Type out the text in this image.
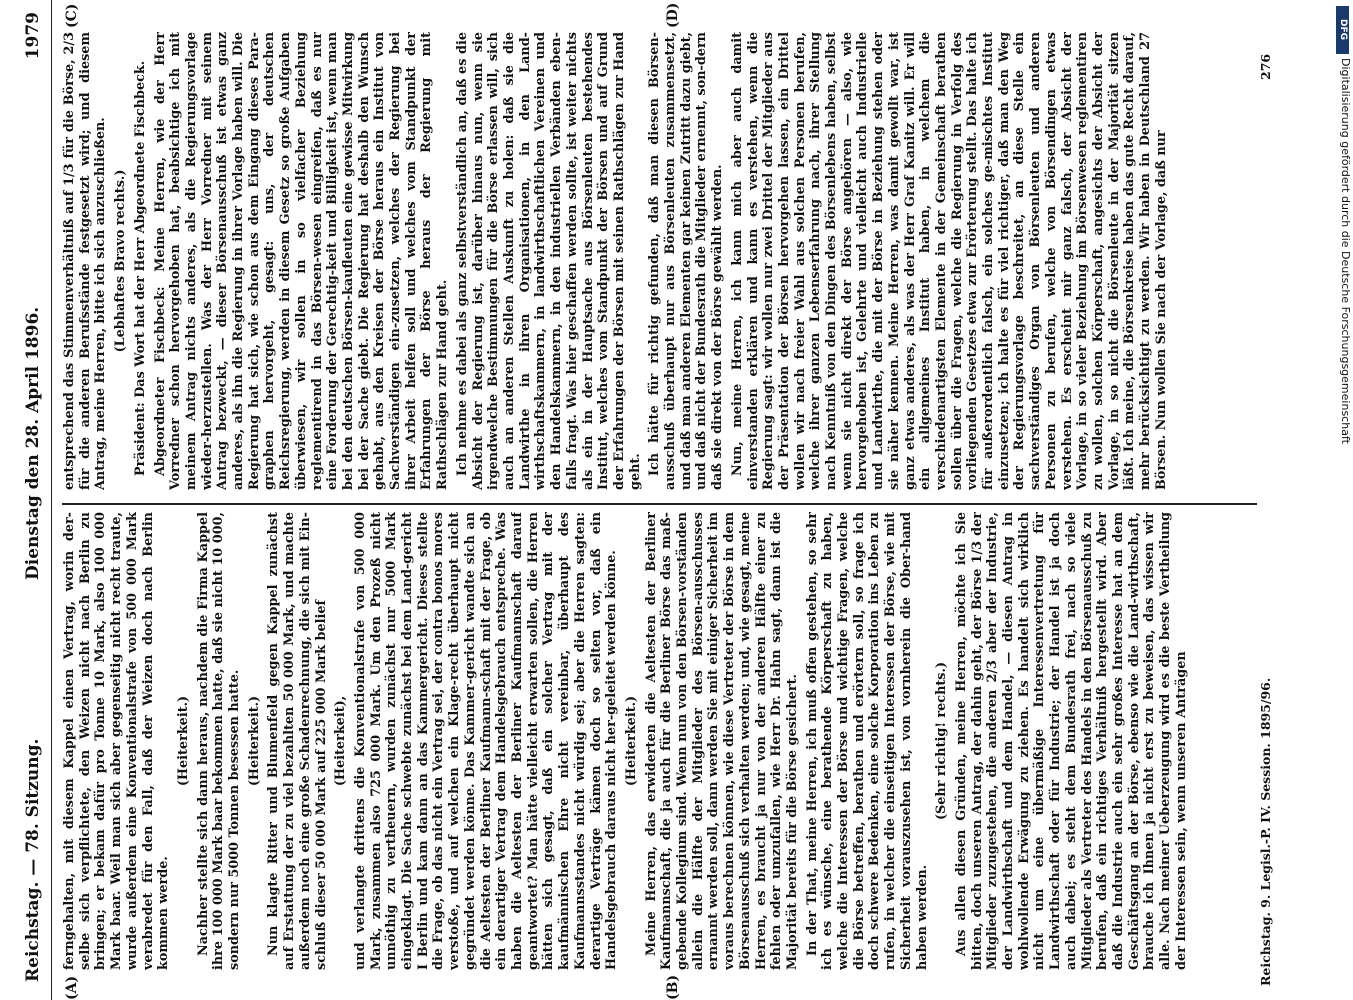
Reichstag. — 78. Sitzung.
Dienstag den 28. April 1896.
1979
(A)	(B)
(C)	(D)

ferngehalten, mit diesem Kappel einen Vertrag, worin der-selbe sich verpflichtete, den Weizen nicht nach Berlin zu bringen; er bekam dafür pro Tonne 10 Mark, also 100 000 Mark baar. Weil man sich aber gegenseitig nicht recht traute, wurde außerdem eine Konventionalstrafe von 500 000 Mark verabredet für den Fall, daß der Weizen doch nach Berlin kommen werde.

(Heiterkeit.) Nachher stellte sich dann heraus, nachdem die Firma Kappel ihre 100 000 Mark baar bekommen hatte, daß sie nicht 10 000, sondern nur 5000 Tonnen besessen hatte. (Heiterkeit.) Nun klagte Ritter und Blumenfeld gegen Kappel zunächst auf Erstattung der zu viel bezahlten 50 000 Mark, und machte außerdem noch eine große Schadenrechnung, die sich mit Ein-schluß dieser 50 000 Mark auf 225 000 Mark belief (Heiterkeit), und verlangte drittens die Konventionalstrafe von 500 000 Mark, zusammen also 725 000 Mark. Um den Prozeß nicht unnöthig zu vertheuern, wurden zunächst nur 5000 Mark eingeklagt. Die Sache schwebte zunächst bei dem Land-gericht I Berlin und kam dann an das Kammergericht. Dieses stellte die Frage, ob das nicht ein Vertrag sei, der contra bonos mores verstoße, und auf welchen ein Klage-recht überhaupt nicht gegründet werden könne. Das Kammer-gericht wandte sich an die Aeltesten der Berliner Kaufmann-schaft mit der Frage, ob ein derartiger Vertrag dem Handelsgebrauch entspreche. Was haben die Aeltesten der Berliner Kaufmannschaft darauf geantwortet? Man hätte vielleicht erwarten sollen, die Herren hätten sich gesagt, daß ein solcher Vertrag mit der kaufmännischen Ehre nicht vereinbar, überhaupt des Kaufmannsstandes nicht würdig sei; aber die Herren sagten: derartige Verträge kämen doch so selten vor, daß ein Handelsgebrauch daraus nicht her-geleitet werden könne. (Heiterkeit.) Meine Herren, das erwiderten die Aeltesten der Berliner Kaufmannschaft, die ja auch für die Berliner Börse das maß-gebende Kollegium sind. Wenn nun von den Börsen-vorständen allein die Hälfte der Mitglieder des Börsen-ausschusses ernannt werden soll, dann werden Sie mit einiger Sicherheit im voraus berechnen können, wie diese Vertreter der Börse in dem Börsenausschuß sich verhalten werden; und, wie gesagt, meine Herren, es braucht ja nur von der anderen Hälfte einer zu fehlen oder umzufallen, wie Herr Dr. Hahn sagt, dann ist die Majorität bereits für die Börse gesichert. In der That, meine Herren, ich muß offen gestehen, so sehr ich es wünsche, eine berathende Körperschaft zu haben, welche die Interessen der Börse und wichtige Fragen, welche die Börse betreffen, berathen und erörtern soll, so frage ich doch schwere Bedenken, eine solche Korporation ins Leben zu rufen, in welcher die einseitigen Interessen der Börse, wie mit Sicherheit vorauszusehen ist, von vornherein die Ober-hand haben werden.

(Sehr richtig! rechts.) Aus allen diesen Gründen, meine Herren, möchte ich Sie bitten, doch unseren Antrag, der dahin geht, der Börse 1/3 der Mitglieder zuzugestehen, die anderen 2/3 aber der Industrie, der Landwirthschaft und dem Handel, — diesen Antrag in wohlwollende Erwägung zu ziehen. Es handelt sich wirklich nicht um eine übermäßige Interessenvertretung für Landwirthschaft oder für Industrie; der Handel ist ja doch auch dabei; es steht dem Bundesrath frei, nach so viele Mitglieder als Vertreter des Handels in den Börsenausschuß zu berufen, daß ein richtiges Verhältniß hergestellt wird. Aber daß die Industrie auch ein sehr großes Interesse hat an dem Geschäftsgang an der Börse, ebenso wie die Land-wirthschaft, brauche ich Ihnen ja nicht erst zu beweisen, das wissen wir alle. Nach meiner Ueberzeugung wird es die beste Vertheilung der Interessen sein, wenn unseren Anträgen

entsprechend das Stimmenverhältniß auf 1/3 für die Börse, 2/3 für die anderen Berufsstände festgesetzt wird; und diesem Antrag, meine Herren, bitte ich sich anzuschließen. (Lebhaftes Bravo rechts.) Präsident: Das Wort hat der Herr Abgeordnete Fischbeck. Abgeordneter Fischbeck: Meine Herren, wie der Herr Vorredner schon hervorgehoben hat, beabsichtige ich mit meinem Antrag nichts anderes, als die Regierungsvorlage wieder-herzustellen. Was der Herr Vorredner mit seinem Antrag bezweckt, — dieser Börsenausschuß ist etwas ganz anderes, als ihn die Regierung in ihrer Vorlage haben will. Die Regierung hat sich, wie schon aus dem Eingang dieses Para-graphen hervorgeht, gesagt: uns, der deutschen Reichsregierung, werden in diesem Gesetz so große Aufgaben überwiesen, wir sollen in so vielfacher Beziehung reglementirend in das Börsen-wesen eingreifen, daß es nur eine Forderung der Gerechtig-keit und Billigkeit ist, wenn man bei den deutschen Börsen-kaufleuten eine gewisse Mitwirkung bei der Sache giebt. Die Regierung hat deshalb den Wunsch gehabt, aus den Kreisen der Börse heraus ein Institut von Sachverständigen ein-zusetzen, welches der Regierung bei ihrer Arbeit helfen soll und welches vom Standpunkt der Erfahrungen der Börse heraus der Regierung mit Rathschlägen zur Hand geht. Ich nehme es dabei als ganz selbstverständlich an, daß es die Absicht der Regierung ist, darüber hinaus nun, wenn sie irgendwelche Bestimmungen für die Börse erlassen will, sich auch an anderen Stellen Auskunft zu holen: daß sie die Landwirthe in ihren Organisationen, in den Land-wirthschaftskammern, in landwirthschaftlichen Vereinen und den Handelskammern, in den industriellen Verbänden eben-falls fragt. Was hier geschaffen werden sollte, ist weiter nichts als ein in der Hauptsache aus Börsenleuten bestehendes Institut, welches vom Standpunkt der Börsen und auf Grund der Erfahrungen der Börsen mit seinen Rathschlägen zur Hand geht. Ich hätte für richtig gefunden, daß man diesen Börsen-ausschuß überhaupt nur aus Börsenleuten zusammensetzt, und daß man anderen Elementen gar keinen Zutritt dazu giebt, und daß nicht der Bundesrath die Mitglieder ernennt, son-dern daß sie direkt von der Börse gewählt werden. Nun, meine Herren, ich kann mich aber auch damit einverstanden erklären und kann es verstehen, wenn die Regierung sagt: wir wollen nur zwei Drittel der Mitglieder aus der Präsentation der Börsen hervorgehen lassen, ein Drittel wollen wir nach freier Wahl aus solchen Personen berufen, welche ihrer ganzen Lebenserfahrung nach, ihrer Stellung nach Kenntniß von den Dingen des Börsenlebens haben, selbst wenn sie nicht direkt der Börse angehören — also, wie hervorgehoben ist, Gelehrte und vielleicht auch Industrielle und Landwirthe, die mit der Börse in Beziehung stehen oder sie näher kennen. Meine Herren, was damit gewollt war, ist ganz etwas anderes, als was der Herr Graf Kanitz will. Er will ein allgemeines Institut haben, in welchem die verschiedenartigsten Elemente in der Gemeinschaft berathen sollen über die Fragen, welche die Regierung in Verfolg des vorliegenden Gesetzes etwa zur Erörterung stellt. Das halte ich für außerordentlich falsch, ein solches ge-mischtes Institut einzusetzen; ich halte es für viel richtiger, daß man den Weg der Regierungsvorlage beschreitet, an diese Stelle ein sachverständiges Organ von Börsenleuten und anderen Personen zu berufen, welche von Börsendingen etwas verstehen. Es erscheint mir ganz falsch, der Absicht der Vorlage, in so vieler Beziehung im Börsenwesen reglementiren zu wollen, solchen Körperschaft, angesichts der Absicht der Vorlage, in so nicht die Börsenleute in der Majorität sitzen läßt. Ich meine, die Börsenkreise haben das gute Recht darauf, mehr berücksichtigt zu werden. Wir haben in Deutschland 27 Börsen. Nun wollen Sie nach der Vorlage, daß nur

Reichstag. 9. Legisl.-P. IV. Session. 1895/96.
276
DFG
Digitalisierung gefördert durch die Deutsche Forschungsgemeinschaft
